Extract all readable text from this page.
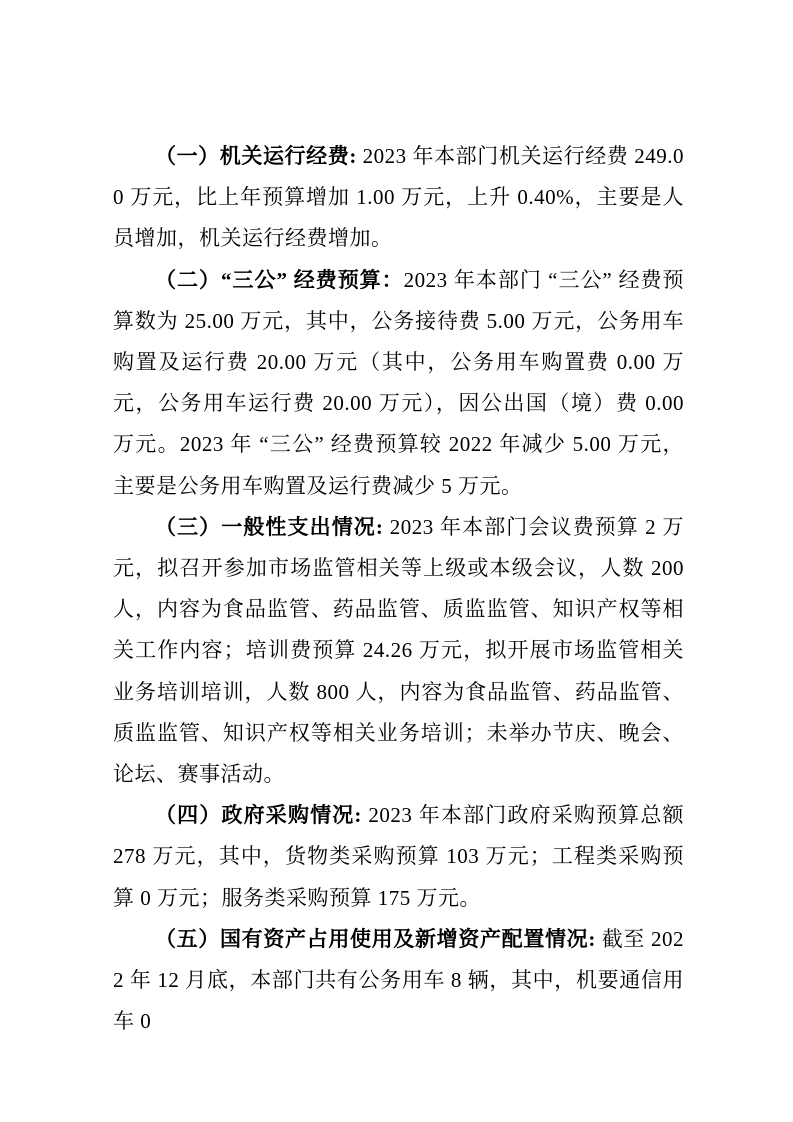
（一）机关运行经费: 2023 年本部门机关运行经费 249.00 万元，比上年预算增加 1.00 万元，上升 0.40%，主要是人员增加，机关运行经费增加。

（二）“三公” 经费预算：2023 年本部门 “三公” 经费预算数为 25.00 万元，其中，公务接待费 5.00 万元，公务用车购置及运行费 20.00 万元（其中，公务用车购置费 0.00 万元，公务用车运行费 20.00 万元），因公出国（境）费 0.00 万元。2023 年 “三公” 经费预算较 2022 年减少 5.00 万元，主要是公务用车购置及运行费减少 5 万元。

（三）一般性支出情况: 2023 年本部门会议费预算 2 万元，拟召开参加市场监管相关等上级或本级会议，人数 200 人，内容为食品监管、药品监管、质监监管、知识产权等相关工作内容；培训费预算 24.26 万元，拟开展市场监管相关业务培训培训，人数 800 人，内容为食品监管、药品监管、质监监管、知识产权等相关业务培训；未举办节庆、晚会、论坛、赛事活动。

（四）政府采购情况: 2023 年本部门政府采购预算总额 278 万元，其中，货物类采购预算 103 万元；工程类采购预算 0 万元；服务类采购预算 175 万元。

（五）国有资产占用使用及新增资产配置情况: 截至 2022 年 12 月底，本部门共有公务用车 8 辆，其中，机要通信用车 0
